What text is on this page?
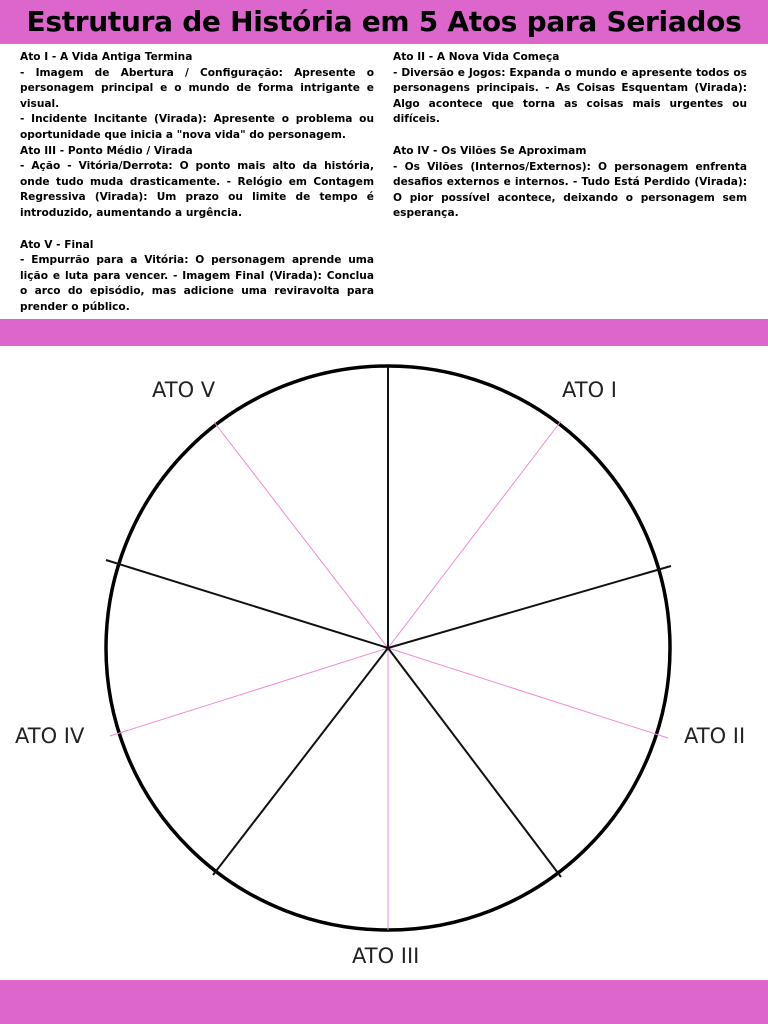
Estrutura de História em 5 Atos para Seriados
Ato I - A Vida Antiga Termina
- Imagem de Abertura / Configuração: Apresente o personagem principal e o mundo de forma intrigante e visual.
- Incidente Incitante (Virada): Apresente o problema ou oportunidade que inicia a "nova vida" do personagem.
Ato III - Ponto Médio / Virada
- Ação - Vitória/Derrota: O ponto mais alto da história, onde tudo muda drasticamente. - Relógio em Contagem Regressiva (Virada): Um prazo ou limite de tempo é introduzido, aumentando a urgência.
Ato V - Final
- Empurrão para a Vitória: O personagem aprende uma lição e luta para vencer. - Imagem Final (Virada): Conclua o arco do episódio, mas adicione uma reviravolta para prender o público.
Ato II - A Nova Vida Começa
- Diversão e Jogos: Expanda o mundo e apresente todos os personagens principais. - As Coisas Esquentam (Virada): Algo acontece que torna as coisas mais urgentes ou difíceis.
Ato IV - Os Vilões Se Aproximam
- Os Vilões (Internos/Externos): O personagem enfrenta desafios externos e internos. - Tudo Está Perdido (Virada): O pior possível acontece, deixando o personagem sem esperança.
ATO I
ATO II
ATO III
ATO IV
ATO V
